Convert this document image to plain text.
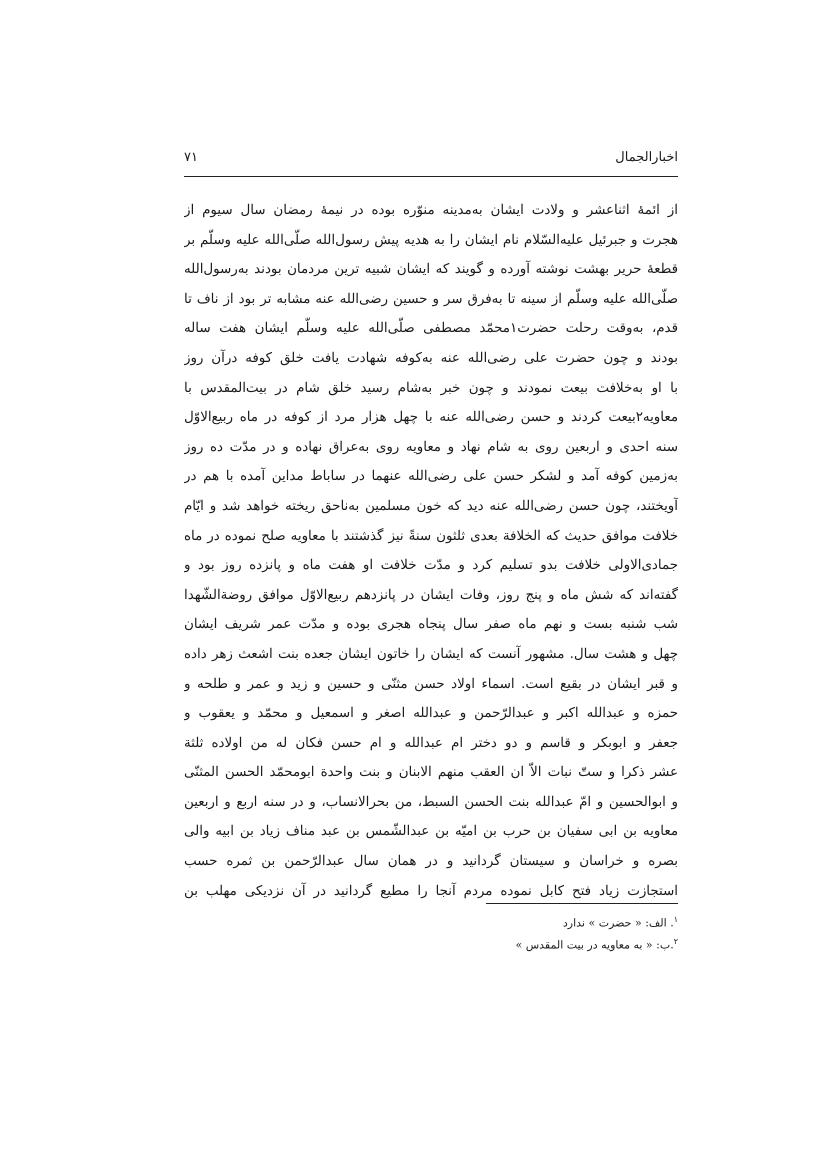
اخبارالجمال
۷۱
از ائمۀ اثناعشر و ولادت ایشان به‌مدینه منوّره بوده در نیمۀ رمضان سال سیوم از
هجرت و جبرئیل علیه‌السّلام نام ایشان را به هدیه پیش رسول‌الله صلّی‌الله علیه وسلّم بر
قطعۀ حریر بهشت نوشته آورده و گویند که ایشان شبیه ترین مردمان بودند به‌رسول‌الله
صلّی‌الله علیه وسلّم از سینه تا به‌فرق سر و حسین رضی‌الله عنه مشابه تر بود از ناف تا
قدم، به‌وقت رحلت حضرت۱محمّد مصطفی صلّی‌الله علیه وسلّم ایشان هفت ساله
بودند و چون حضرت علی رضی‌الله عنه به‌کوفه شهادت یافت خلق کوفه درآن روز
با او به‌خلافت بیعت نمودند و چون خبر به‌شام رسید خلق شام در بیت‌المقدس با
معاویه۲بیعت کردند و حسن رضی‌الله عنه با چهل هزار مرد از کوفه در ماه ربیع‌الاوّل
سنه احدی و اربعین روی به شام نهاد و معاویه روی به‌عراق نهاده و در مدّت ده روز
به‌زمین کوفه آمد و لشکر حسن علی رضی‌الله عنهما در ساباط مداین آمده با هم در
آویختند، چون حسن رضی‌الله عنه دید که خون مسلمین به‌ناحق ریخته خواهد شد و ایّام
خلافت موافق حدیث که الخلافة بعدی ثلثون سنةً نیز گذشتند با معاویه صلح نموده در ماه
جمادی‌الاولی خلافت بدو تسلیم کرد و مدّت خلافت او هفت ماه و پانزده روز بود و
گفته‌اند که شش ماه و پنج روز، وفات ایشان در پانزدهم ربیع‌الاوّل موافق روضةالشّهدا
شب شنبه بست و نهم ماه صفر سال پنجاه هجری بوده و مدّت عمر شریف ایشان
چهل و هشت سال. مشهور آنست که ایشان را خاتون ایشان جعده بنت اشعث زهر داده
و قبر ایشان در بقیع است. اسماء اولاد حسن مثنّی و حسین و زید و عمر و طلحه و
حمزه و عبدالله اکبر و عبدالرّحمن و عبدالله اصغر و اسمعیل و محمّد و یعقوب و
جعفر و ابوبکر و قاسم و دو دختر ام عبدالله و ام حسن فکان له من اولاده ثلثة
عشر ذکرا و ستّ نبات الاّ ان العقب منهم الابنان و بنت واحدة ابومحمّد الحسن المثنّی
و ابوالحسین و امّ عبدالله بنت الحسن السبط، من بحرالانساب، و در سنه اربع و اربعین
معاویه بن ابی سفیان بن حرب بن امیّه بن عبدالشّمس بن عبد مناف زیاد بن ابیه والی
بصره و خراسان و سیستان گردانید و در همان سال عبدالرّحمن بن ثمره حسب
استجازت زیاد فتح کابل نموده مردم آنجا را مطیع گردانید در آن نزدیکی مهلب بن
$^۱$. الف: « حضرت » ندارد
$^۲$.ب: « به معاویه در بیت المقدس »
